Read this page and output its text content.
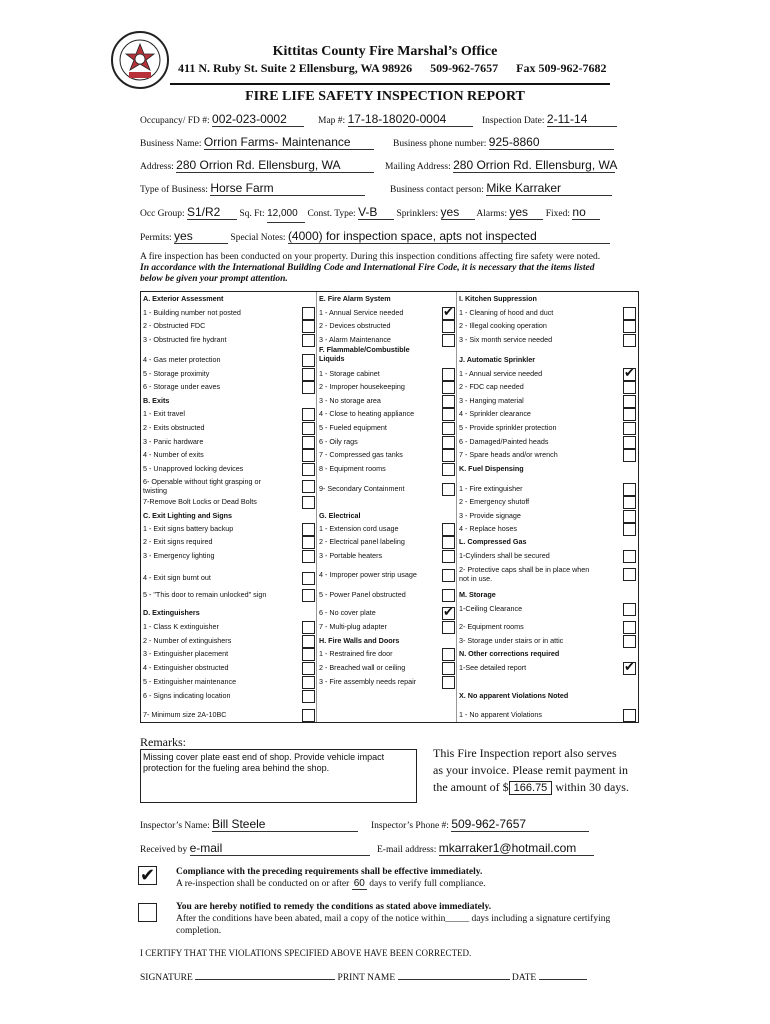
Kittitas County Fire Marshal’s Office
411 N. Ruby St. Suite 2 Ellensburg, WA 98926      509-962-7657      Fax 509-962-7682
FIRE LIFE SAFETY INSPECTION REPORT
Occupancy/ FD #: 002-023-0002	Map #: 17-18-18020-0004	Inspection Date: 2-11-14
Business Name: Orrion Farms- Maintenance	Business phone number: 925-8860
Address: 280 Orrion Rd. Ellensburg, WA	Mailing Address: 280 Orrion Rd. Ellensburg, WA
Type of Business: Horse Farm	Business contact person: Mike Karraker
Occ Group: S1/R2 Sq. Ft: 12,000 Const. Type: V-B Sprinklers: yes Alarms: yes Fixed: no
Permits: yes	Special Notes: (4000) for inspection space, apts not inspected
A fire inspection has been conducted on your property. During this inspection conditions affecting fire safety were noted.
In accordance with the International Building Code and International Fire Code, it is necessary that the items listed
below be given your prompt attention.
A. Exterior Assessment
1 - Building number not posted
2 - Obstructed FDC
3 - Obstructed fire hydrant
4 - Gas meter protection
5 - Storage proximity
6 - Storage under eaves
B. Exits
1 - Exit travel
2 - Exits obstructed
3 - Panic hardware
4 - Number of exits
5 - Unapproved locking devices
6- Openable without tight grasping or
twisting
7-Remove Bolt Locks or Dead Bolts
C. Exit Lighting and Signs
1 - Exit signs battery backup
2 - Exit signs required
3 - Emergency lighting
4 - Exit sign burnt out
5 - "This door to remain unlocked" sign
D. Extinguishers
1 - Class K extinguisher
2 - Number of extinguishers
3 - Extinguisher placement
4 - Extinguisher obstructed
5 - Extinguisher maintenance
6 - Signs indicating location
7- Minimum size 2A-10BC
E. Fire Alarm System
1 - Annual Service needed	✔
2 - Devices obstructed
3 - Alarm Maintenance
F. Flammable/Combustible
Liquids
1 - Storage cabinet
2 - Improper housekeeping
3 - No storage area
4 - Close to heating appliance
5 - Fueled equipment
6 - Oily rags
7 - Compressed gas tanks
8 - Equipment rooms
9- Secondary Containment
G. Electrical
1 - Extension cord usage
2 - Electrical panel labeling
3 - Portable heaters
4 - Improper power strip usage
5 - Power Panel obstructed
6 - No cover plate	✔
7 - Multi-plug adapter
H. Fire Walls and Doors
1 - Restrained fire door
2 - Breached wall or ceiling
3 - Fire assembly needs repair
I. Kitchen Suppression
1 - Cleaning of hood and duct
2 - Illegal cooking operation
3 - Six month service needed
J. Automatic Sprinkler
1 - Annual service needed	✔
2 - FDC cap needed
3 - Hanging material
4 - Sprinkler clearance
5 - Provide sprinkler protection
6 - Damaged/Painted heads
7 - Spare heads and/or wrench
K. Fuel Dispensing
1 - Fire extinguisher
2 - Emergency shutoff
3 - Provide signage
4 - Replace hoses
L. Compressed Gas
1-Cylinders shall be secured
2- Protective caps shall be in place when
not in use.
M. Storage
1-Ceiling Clearance
2- Equipment rooms
3- Storage under stairs or in attic
N. Other corrections required
1-See detailed report	✔
X. No apparent Violations Noted
1 - No apparent Violations
Remarks:
Missing cover plate east end of shop. Provide vehicle impact protection for the fueling area behind the shop.
This Fire Inspection report also serves
as your invoice. Please remit payment in
the amount of $ 166.75 within 30 days.
Inspector’s Name: Bill Steele	Inspector’s Phone #: 509-962-7657
Received by e-mail	E-mail address: mkarraker1@hotmail.com
✔ Compliance with the preceding requirements shall be effective immediately.
A re-inspection shall be conducted on or after 60 days to verify full compliance.
You are hereby notified to remedy the conditions as stated above immediately.
After the conditions have been abated, mail a copy of the notice within_____ days including a signature certifying
completion.
I CERTIFY THAT THE VIOLATIONS SPECIFIED ABOVE HAVE BEEN CORRECTED.
SIGNATURE	PRINT NAME	DATE
